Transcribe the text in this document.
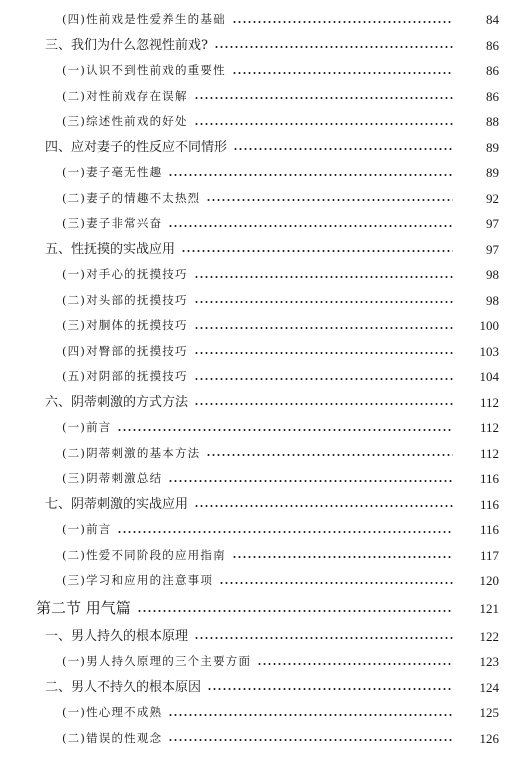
(四)性前戏是性爱养生的基础	84
三、我们为什么忽视性前戏?	86
(一)认识不到性前戏的重要性	86
(二)对性前戏存在误解	86
(三)综述性前戏的好处	88
四、应对妻子的性反应不同情形	89
(一)妻子毫无性趣	89
(二)妻子的情趣不太热烈	92
(三)妻子非常兴奋	97
五、性抚摸的实战应用	97
(一)对手心的抚摸技巧	98
(二)对头部的抚摸技巧	98
(三)对胴体的抚摸技巧	100
(四)对臀部的抚摸技巧	103
(五)对阴部的抚摸技巧	104
六、阴蒂刺激的方式方法	112
(一)前言	112
(二)阴蒂刺激的基本方法	112
(三)阴蒂刺激总结	116
七、阴蒂刺激的实战应用	116
(一)前言	116
(二)性爱不同阶段的应用指南	117
(三)学习和应用的注意事项	120
第二节 用气篇	121
一、男人持久的根本原理	122
(一)男人持久原理的三个主要方面	123
二、男人不持久的根本原因	124
(一)性心理不成熟	125
(二)错误的性观念	126
